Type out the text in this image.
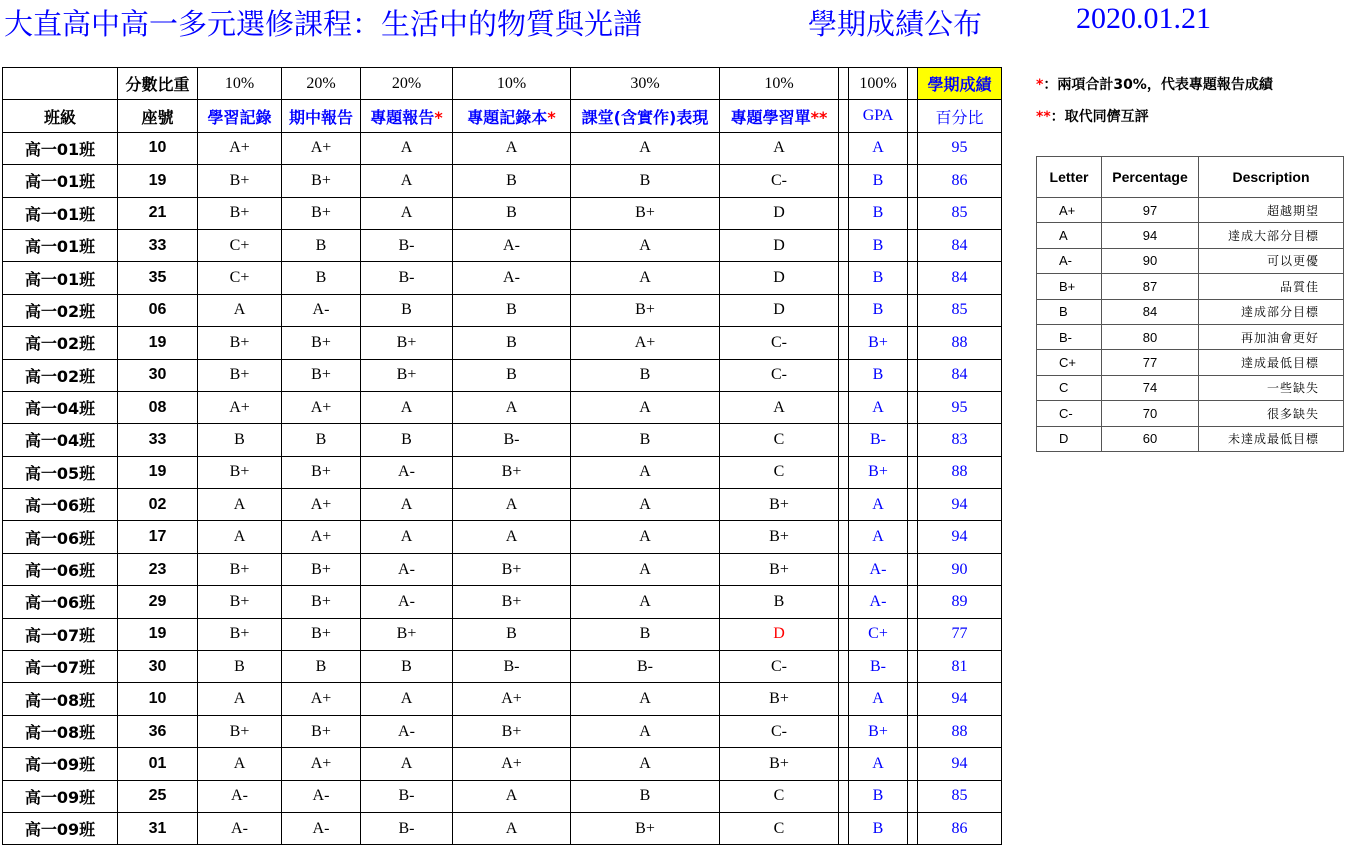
大直高中高一多元選修課程：生活中的物質與光譜	學期成績公布	2020.01.21
	分數比重	10%	20%	20%	10%	30%	10%		100%		學期成績
班級	座號	學習記錄	期中報告	專題報告*	專題記錄本*	課堂(含實作)表現	專題學習單**		GPA		百分比
高一01班	10	A+	A+	A	A	A	A		A		95
高一01班	19	B+	B+	A	B	B	C-		B		86
高一01班	21	B+	B+	A	B	B+	D		B		85
高一01班	33	C+	B	B-	A-	A	D		B		84
高一01班	35	C+	B	B-	A-	A	D		B		84
高一02班	06	A	A-	B	B	B+	D		B		85
高一02班	19	B+	B+	B+	B	A+	C-		B+		88
高一02班	30	B+	B+	B+	B	B	C-		B		84
高一04班	08	A+	A+	A	A	A	A		A		95
高一04班	33	B	B	B	B-	B	C		B-		83
高一05班	19	B+	B+	A-	B+	A	C		B+		88
高一06班	02	A	A+	A	A	A	B+		A		94
高一06班	17	A	A+	A	A	A	B+		A		94
高一06班	23	B+	B+	A-	B+	A	B+		A-		90
高一06班	29	B+	B+	A-	B+	A	B		A-		89
高一07班	19	B+	B+	B+	B	B	D		C+		77
高一07班	30	B	B	B	B-	B-	C-		B-		81
高一08班	10	A	A+	A	A+	A	B+		A		94
高一08班	36	B+	B+	A-	B+	A	C-		B+		88
高一09班	01	A	A+	A	A+	A	B+		A		94
高一09班	25	A-	A-	B-	A	B	C		B		85
高一09班	31	A-	A-	B-	A	B+	C		B		86
*：兩項合計30%，代表專題報告成績
**：取代同儕互評
Letter	Percentage	Description
A+	97	超越期望
A	94	達成大部分目標
A-	90	可以更優
B+	87	品質佳
B	84	達成部分目標
B-	80	再加油會更好
C+	77	達成最低目標
C	74	一些缺失
C-	70	很多缺失
D	60	未達成最低目標
